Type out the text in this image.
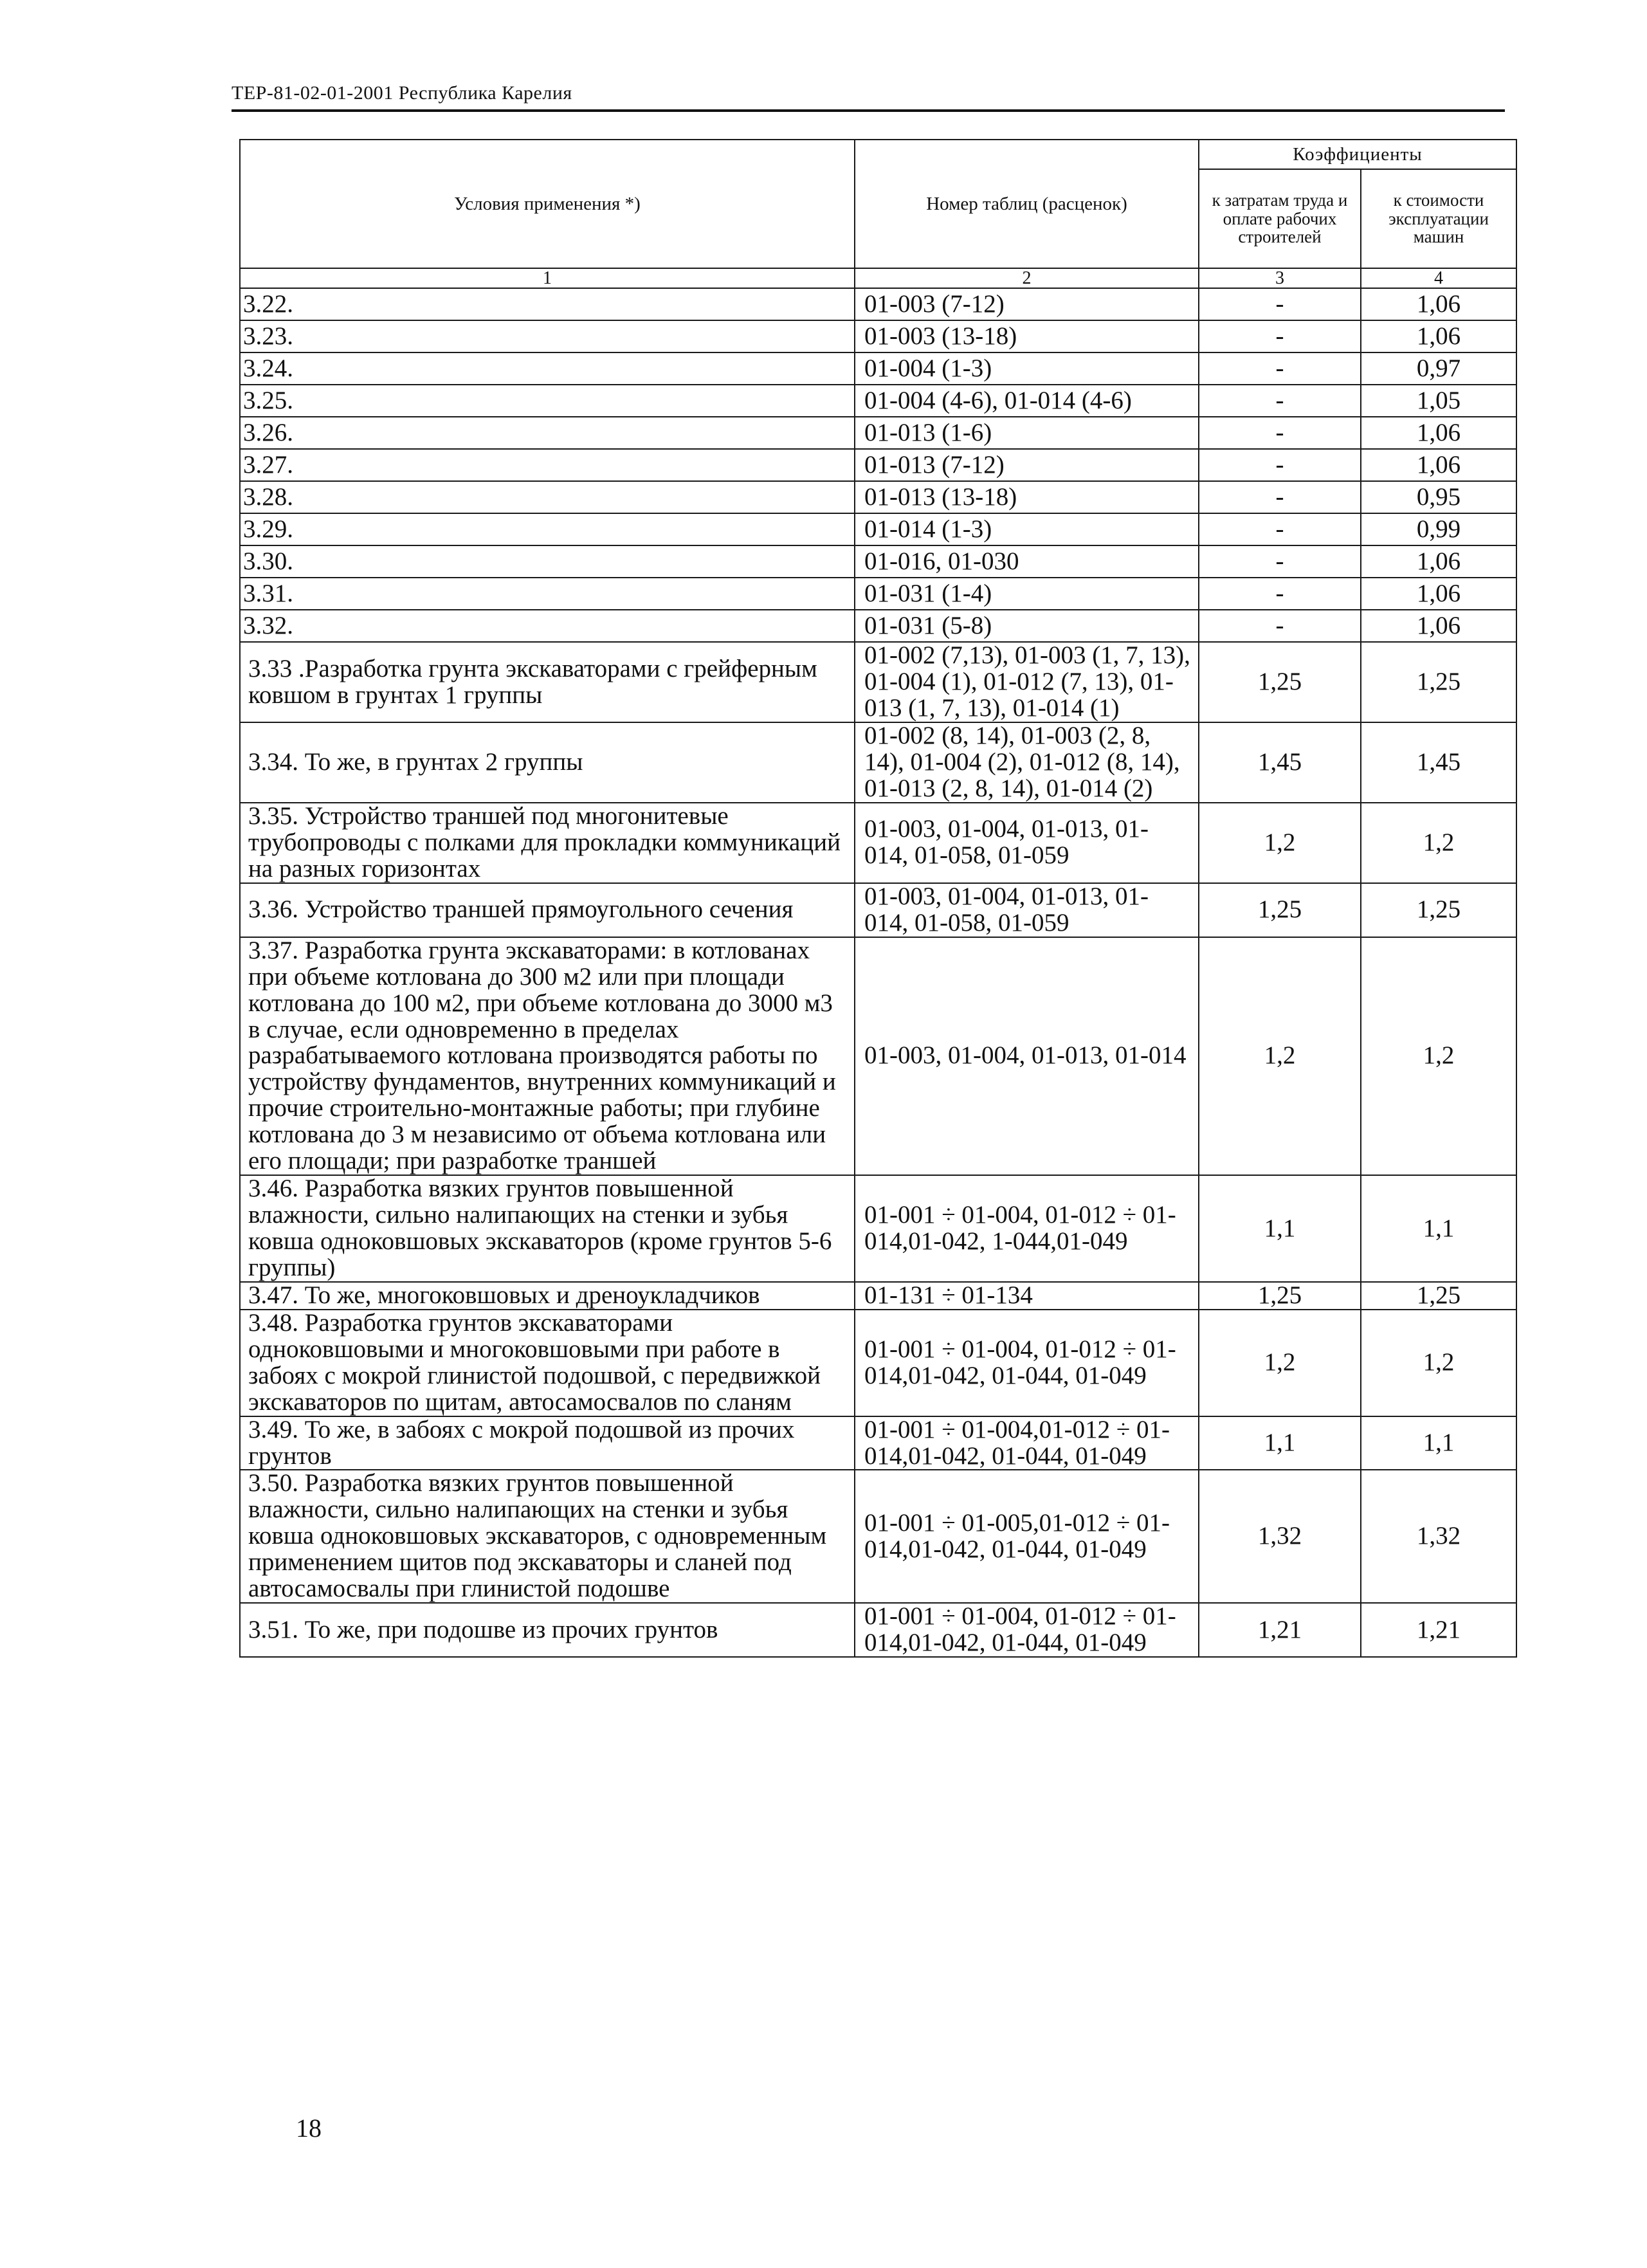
ТЕР-81-02-01-2001 Республика Карелия
Условия применения *)	Номер таблиц (расценок)	Коэффициенты	
		к затратам труда и оплате рабочих строителей	к стоимости эксплуатации машин
1	2	3	4
3.22.	01-003 (7-12)	-	1,06
3.23.	01-003 (13-18)	-	1,06
3.24.	01-004 (1-3)	-	0,97
3.25.	01-004 (4-6), 01-014 (4-6)	-	1,05
3.26.	01-013 (1-6)	-	1,06
3.27.	01-013 (7-12)	-	1,06
3.28.	01-013 (13-18)	-	0,95
3.29.	01-014 (1-3)	-	0,99
3.30.	01-016, 01-030	-	1,06
3.31.	01-031 (1-4)	-	1,06
3.32.	01-031 (5-8)	-	1,06
3.33 .Разработка грунта экскаваторами с грейферным ковшом в грунтах 1 группы	01-002 (7,13), 01-003 (1, 7, 13), 01-004 (1), 01-012 (7, 13), 01-013 (1, 7, 13), 01-014 (1)	1,25	1,25
3.34. То же, в грунтах 2 группы	01-002 (8, 14), 01-003 (2, 8, 14), 01-004 (2), 01-012 (8, 14), 01-013 (2, 8, 14), 01-014 (2)	1,45	1,45
3.35. Устройство траншей под многонитевые трубопроводы с полками для прокладки коммуникаций на разных горизонтах	01-003, 01-004, 01-013, 01-014, 01-058, 01-059	1,2	1,2
3.36. Устройство траншей прямоугольного сечения	01-003, 01-004, 01-013, 01-014, 01-058, 01-059	1,25	1,25
3.37. Разработка грунта экскаваторами: в котлованах при объеме котлована до 300 м2 или при площади котлована до 100 м2, при объеме котлована до 3000 м3 в случае, если одновременно в пределах разрабатываемого котлована производятся работы по устройству фундаментов, внутренних коммуникаций и прочие строительно-монтажные работы; при глубине котлована до 3 м независимо от объема котлована или его площади; при разработке траншей	01-003, 01-004, 01-013, 01-014	1,2	1,2
3.46. Разработка вязких грунтов повышенной влажности, сильно налипающих на стенки и зубья ковша одноковшовых экскаваторов (кроме грунтов 5-6 группы)	01-001 ÷ 01-004, 01-012 ÷ 01-014,01-042, 1-044,01-049	1,1	1,1
3.47. То же, многоковшовых и дреноукладчиков	01-131 ÷ 01-134	1,25	1,25
3.48. Разработка грунтов экскаваторами одноковшовыми и многоковшовыми при работе в забоях с мокрой глинистой подошвой, с передвижкой экскаваторов по щитам, автосамосвалов по сланям	01-001 ÷ 01-004, 01-012 ÷ 01-014,01-042, 01-044, 01-049	1,2	1,2
3.49. То же, в забоях с мокрой подошвой из прочих грунтов	01-001 ÷ 01-004,01-012 ÷ 01-014,01-042, 01-044, 01-049	1,1	1,1
3.50. Разработка вязких грунтов повышенной влажности, сильно налипающих на стенки и зубья ковша одноковшовых экскаваторов, с одновременным применением щитов под экскаваторы и сланей под автосамосвалы при глинистой подошве	01-001 ÷ 01-005,01-012 ÷ 01-014,01-042, 01-044, 01-049	1,32	1,32
3.51. То же, при подошве из прочих грунтов	01-001 ÷ 01-004, 01-012 ÷ 01-014,01-042, 01-044, 01-049	1,21	1,21
18
